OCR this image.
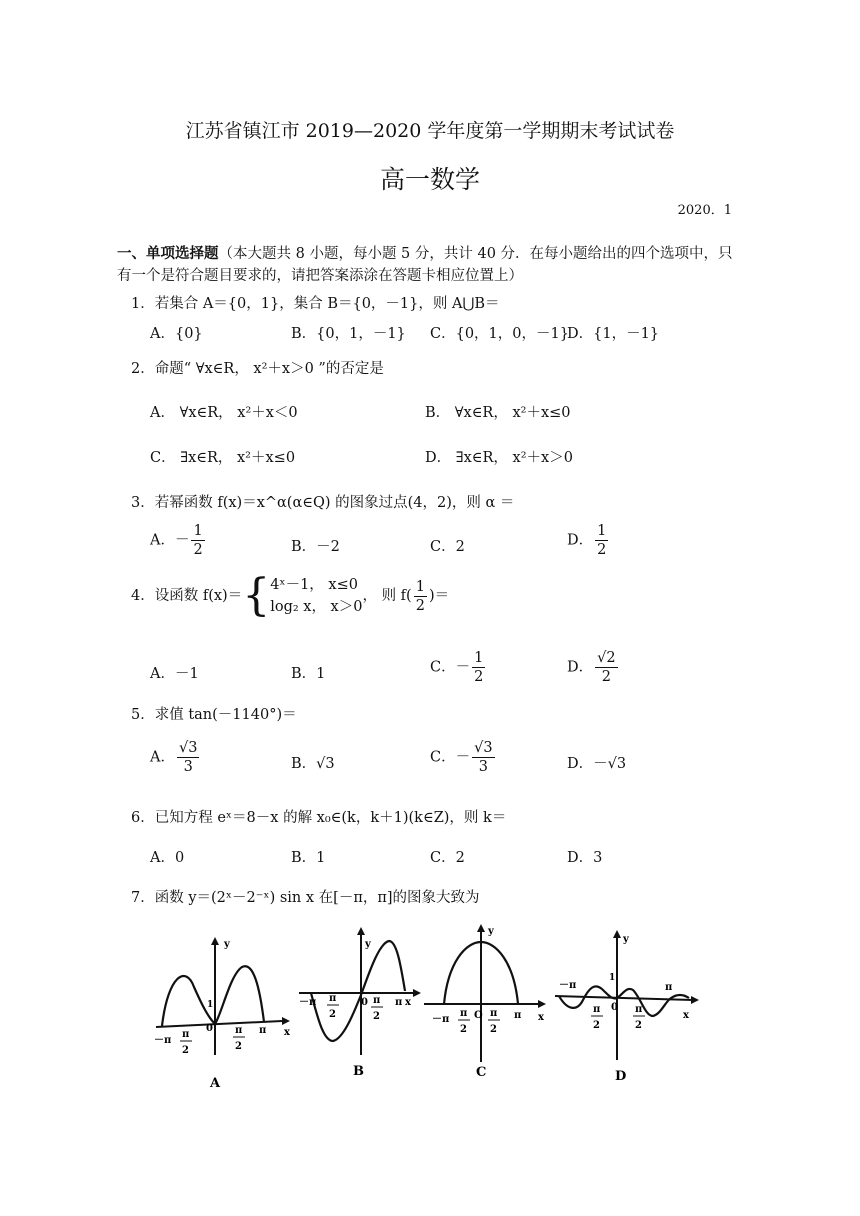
江苏省镇江市 2019—2020 学年度第一学期期末考试试卷
高一数学
2020．1
一、单项选择题（本大题共 8 小题，每小题 5 分，共计 40 分．在每小题给出的四个选项中，只有一个是符合题目要求的，请把答案添涂在答题卡相应位置上）
1．若集合 A＝{0，1}，集合 B＝{0，－1}，则 A⋃B＝
A．{0}	B．{0，1，－1} C．{0，1，0，－1}
D．{1，－1}
2．命题“ ∀x∈R， x²＋x＞0 ”的否定是
A． ∀x∈R， x²＋x＜0	B． ∀x∈R， x²＋x≤0
C． ∃x∈R， x²＋x≤0	D． ∃x∈R， x²＋x＞0
3．若幂函数 f(x)＝x^α(α∈Q) 的图象过点(4，2)，则 α ＝
A．－ $\frac{1}{2}$	B．－2	C．2	D． $\frac{1}{2}$
4．设函数 f(x)＝{ 4ˣ－1， x≤0
log₂ x， x＞0
， 则 $f( \frac{1}{2}$ )＝
A．－1	B．1	C．－ $\frac{1}{2}$	D． $\frac{√2}{2}$
5．求值 tan(－1140°)＝
A． $\frac{√3}{3}$	B．√3	C．－ $\frac{√3}{3}$	D．－√3
6．已知方程 eˣ＝8－x 的解 x₀∈(k，k＋1)(k∈Z)，则 k＝
A．0	B．1	C．2	D．3
7．函数 y＝(2ˣ－2⁻ˣ) sin x 在[－π，π]的图象大致为
y
x
0
1
－π
π
2
π
2
π
A
y
－π π
2
0 π
2
π x
B
y
－π
π
2
O π
2
π x
C
y
1
－π
π
2
0 π
2
π
x
D
